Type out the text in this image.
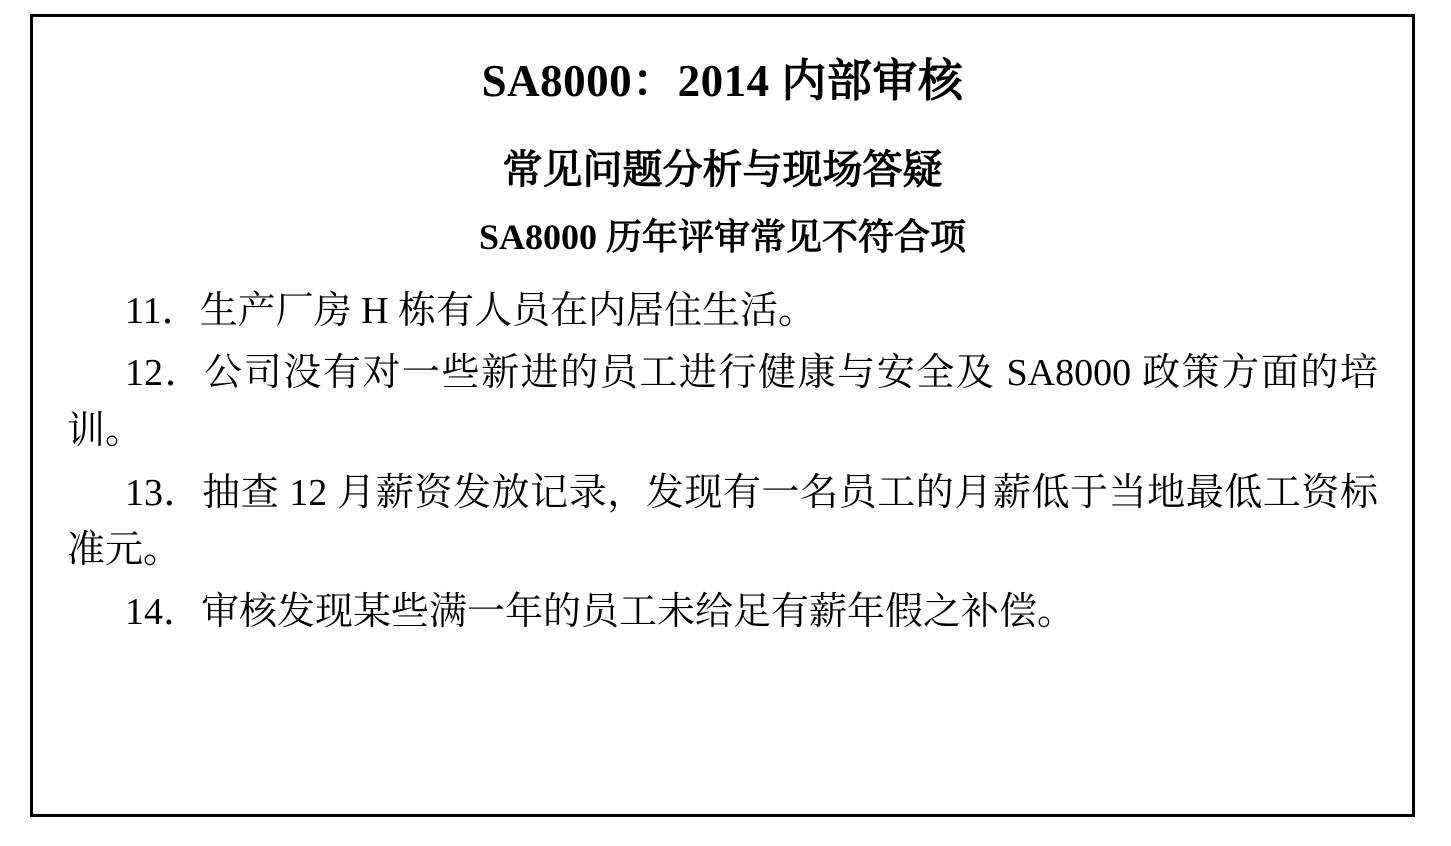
SA8000：2014 内部审核
常见问题分析与现场答疑
SA8000 历年评审常见不符合项
11．生产厂房 H 栋有人员在内居住生活。
12．公司没有对一些新进的员工进行健康与安全及 SA8000 政策方面的培训。
13．抽查 12 月薪资发放记录，发现有一名员工的月薪低于当地最低工资标准元。
14．审核发现某些满一年的员工未给足有薪年假之补偿。
